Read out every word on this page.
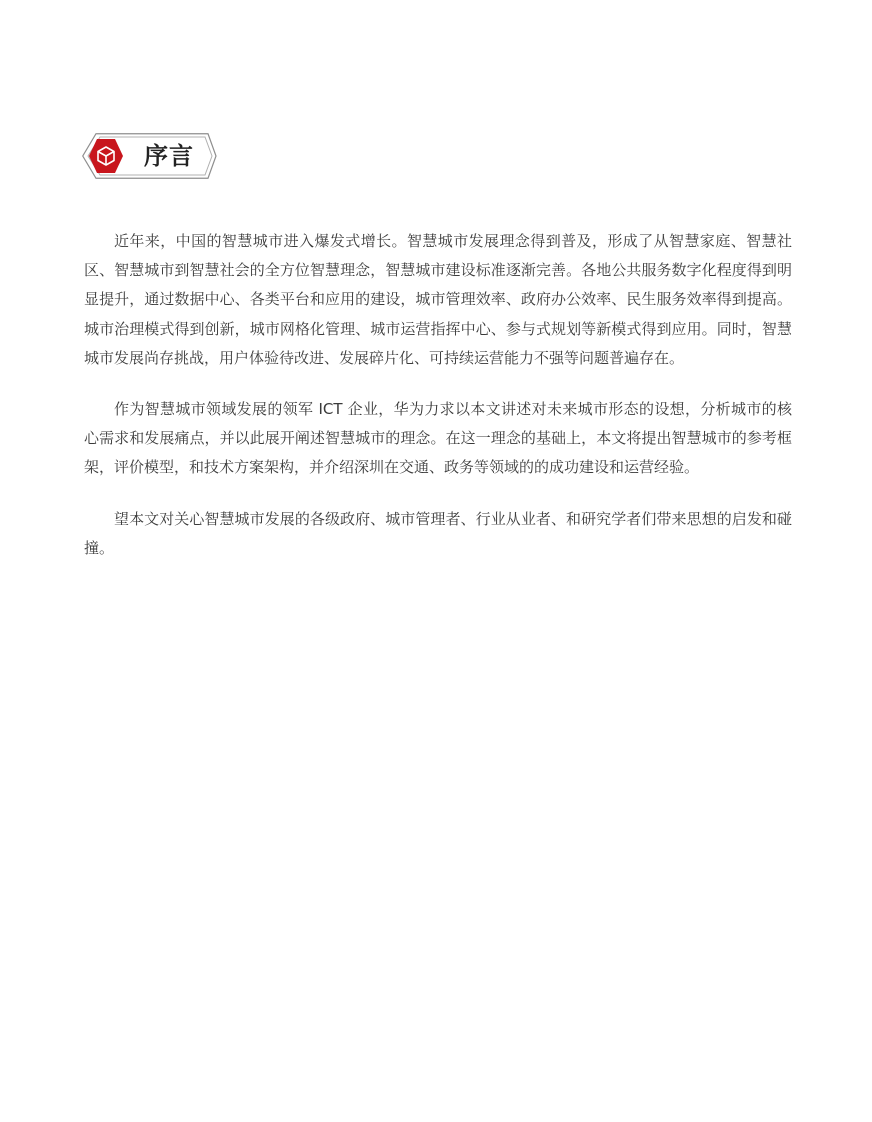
序言

近年来，中国的智慧城市进入爆发式增长。智慧城市发展理念得到普及，形成了从智慧家庭、智慧社区、智慧城市到智慧社会的全方位智慧理念，智慧城市建设标准逐渐完善。各地公共服务数字化程度得到明显提升，通过数据中心、各类平台和应用的建设，城市管理效率、政府办公效率、民生服务效率得到提高。城市治理模式得到创新，城市网格化管理、城市运营指挥中心、参与式规划等新模式得到应用。同时，智慧城市发展尚存挑战，用户体验待改进、发展碎片化、可持续运营能力不强等问题普遍存在。

作为智慧城市领域发展的领军 ICT 企业，华为力求以本文讲述对未来城市形态的设想，分析城市的核心需求和发展痛点，并以此展开阐述智慧城市的理念。在这一理念的基础上，本文将提出智慧城市的参考框架，评价模型，和技术方案架构，并介绍深圳在交通、政务等领域的的成功建设和运营经验。

望本文对关心智慧城市发展的各级政府、城市管理者、行业从业者、和研究学者们带来思想的启发和碰撞。
